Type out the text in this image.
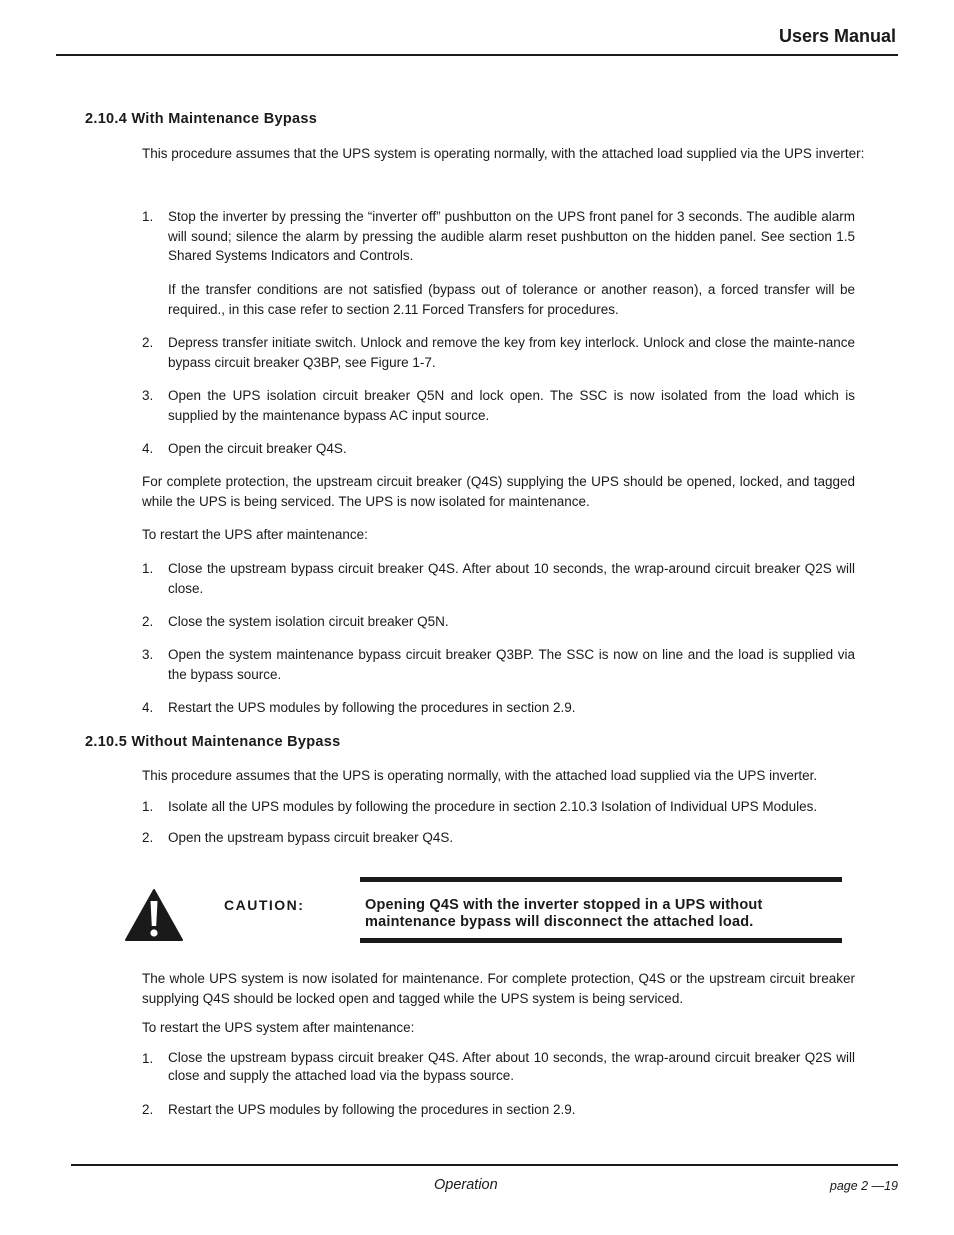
Users Manual
2.10.4 With Maintenance Bypass
This procedure assumes that the UPS system is operating normally, with the attached load supplied via the UPS inverter:
1. Stop the inverter by pressing the “inverter off” pushbutton on the UPS front panel for 3 seconds. The audible alarm will sound; silence the alarm by pressing the audible alarm reset pushbutton on the hidden panel. See section 1.5 Shared Systems Indicators and Controls.
If the transfer conditions are not satisfied (bypass out of tolerance or another reason), a forced transfer will be required., in this case refer to section 2.11 Forced Transfers for procedures.
2. Depress transfer initiate switch. Unlock and remove the key from key interlock. Unlock and close the mainte-nance bypass circuit breaker Q3BP, see Figure 1-7.
3. Open the UPS isolation circuit breaker Q5N and lock open. The SSC is now isolated from the load which is supplied by the maintenance bypass AC input source.
4. Open the circuit breaker Q4S.
For complete protection, the upstream circuit breaker (Q4S) supplying the UPS should be opened, locked, and tagged while the UPS is being serviced. The UPS is now isolated for maintenance.
To restart the UPS after maintenance:
1. Close the upstream bypass circuit breaker Q4S. After about 10 seconds, the wrap-around circuit breaker Q2S will close.
2. Close the system isolation circuit breaker Q5N.
3. Open the system maintenance bypass circuit breaker Q3BP. The SSC is now on line and the load is supplied via the bypass source.
4. Restart the UPS modules by following the procedures in section 2.9.
2.10.5 Without Maintenance Bypass
This procedure assumes that the UPS is operating normally, with the attached load supplied via the UPS inverter.
1. Isolate all the UPS modules by following the procedure in section 2.10.3 Isolation of Individual UPS Modules.
2. Open the upstream bypass circuit breaker Q4S.
CAUTION:	Opening Q4S with the inverter stopped in a UPS without
maintenance bypass will disconnect the attached load.
The whole UPS system is now isolated for maintenance. For complete protection, Q4S or the upstream circuit breaker supplying Q4S should be locked open and tagged while the UPS system is being serviced.
To restart the UPS system after maintenance:
1. Close the upstream bypass circuit breaker Q4S. After about 10 seconds, the wrap-around circuit breaker Q2S will close and supply the attached load via the bypass source.
2. Restart the UPS modules by following the procedures in section 2.9.
Operation	page 2 —19
